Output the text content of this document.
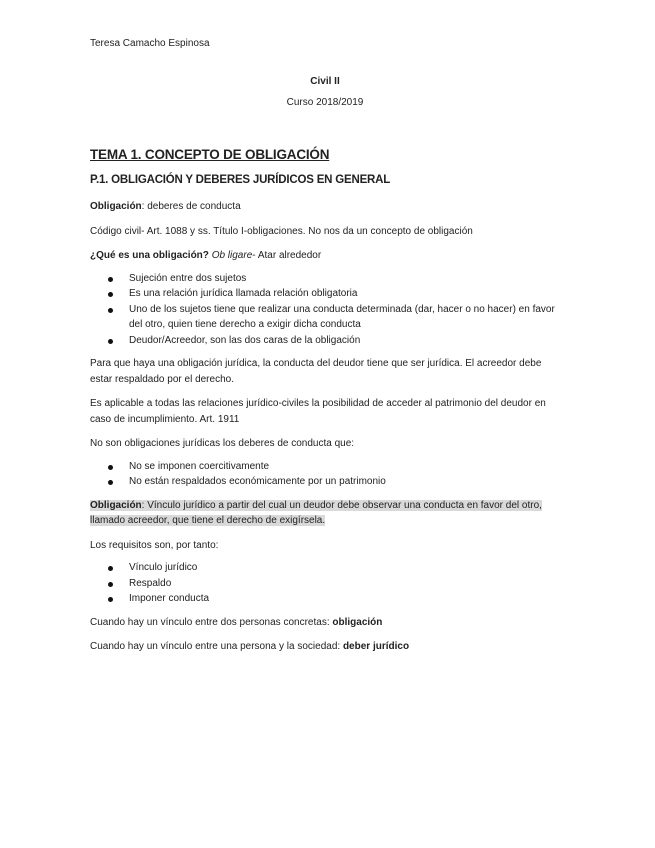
Teresa Camacho Espinosa

Civil II

Curso 2018/2019

TEMA 1. CONCEPTO DE OBLIGACIÓN
P.1. OBLIGACIÓN Y DEBERES JURÍDICOS EN GENERAL

Obligación: deberes de conducta

Código civil- Art. 1088 y ss. Título I-obligaciones. No nos da un concepto de obligación

¿Qué es una obligación? Ob ligare- Atar alrededor

Sujeción entre dos sujetos
Es una relación jurídica llamada relación obligatoria
Uno de los sujetos tiene que realizar una conducta determinada (dar, hacer o no hacer) en favor del otro, quien tiene derecho a exigir dicha conducta
Deudor/Acreedor, son las dos caras de la obligación

Para que haya una obligación jurídica, la conducta del deudor tiene que ser jurídica. El acreedor debe estar respaldado por el derecho.

Es aplicable a todas las relaciones jurídico-civiles la posibilidad de acceder al patrimonio del deudor en caso de incumplimiento. Art. 1911

No son obligaciones jurídicas los deberes de conducta que:

No se imponen coercitivamente
No están respaldados económicamente por un patrimonio

Obligación: Vínculo jurídico a partir del cual un deudor debe observar una conducta en favor del otro, llamado acreedor, que tiene el derecho de exigírsela.

Los requisitos son, por tanto:

Vínculo jurídico
Respaldo
Imponer conducta

Cuando hay un vínculo entre dos personas concretas: obligación

Cuando hay un vínculo entre una persona y la sociedad: deber jurídico
